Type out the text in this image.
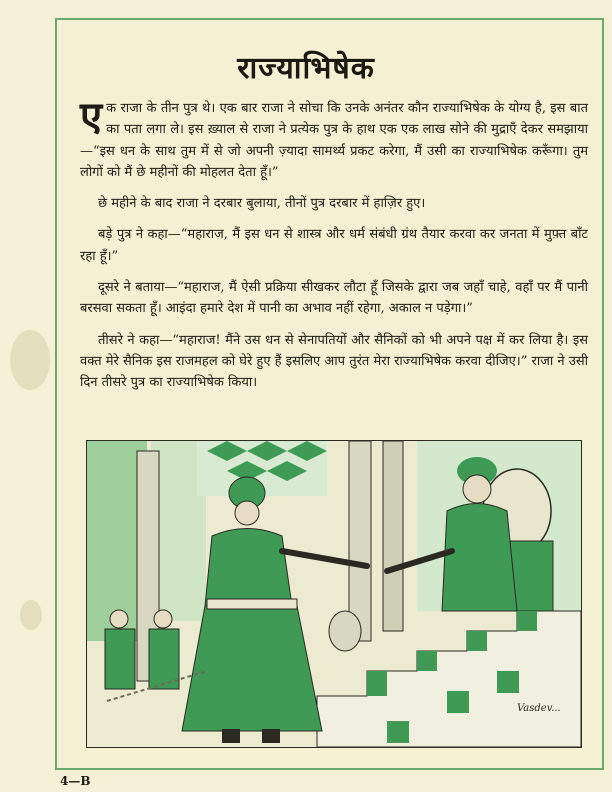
राज्याभिषेक

एक राजा के तीन पुत्र थे। एक बार राजा ने सोचा कि उनके अनंतर कौन राज्याभिषेक के योग्य है, इस बात का पता लगा ले। इस ख़्याल से राजा ने प्रत्येक पुत्र के हाथ एक एक लाख सोने की मुद्राएँ देकर समझाया—“इस धन के साथ तुम में से जो अपनी ज़्यादा सामर्थ्य प्रकट करेगा, मैं उसी का राज्याभिषेक करूँगा। तुम लोगों को मैं छे महीनों की मोहलत देता हूँ।”

छे महीने के बाद राजा ने दरबार बुलाया, तीनों पुत्र दरबार में हाज़िर हुए।

बड़े पुत्र ने कहा—“महाराज, मैं इस धन से शास्त्र और धर्म संबंधी ग्रंथ तैयार करवा कर जनता में मुफ़्त बाँट रहा हूँ।”

दूसरे ने बताया—“महाराज, मैं ऐसी प्रक्रिया सीखकर लौटा हूँ जिसके द्वारा जब जहाँ चाहे, वहाँ पर मैं पानी बरसवा सकता हूँ। आइंदा हमारे देश में पानी का अभाव नहीं रहेगा, अकाल न पड़ेगा।”

तीसरे ने कहा—“महाराज! मैंने उस धन से सेनापतियों और सैनिकों को भी अपने पक्ष में कर लिया है। इस वक्त मेरे सैनिक इस राजमहल को घेरे हुए हैं इसलिए आप तुरंत मेरा राज्याभिषेक करवा दीजिए।” राजा ने उसी दिन तीसरे पुत्र का राज्याभिषेक किया।

Vasdev...
4—B
